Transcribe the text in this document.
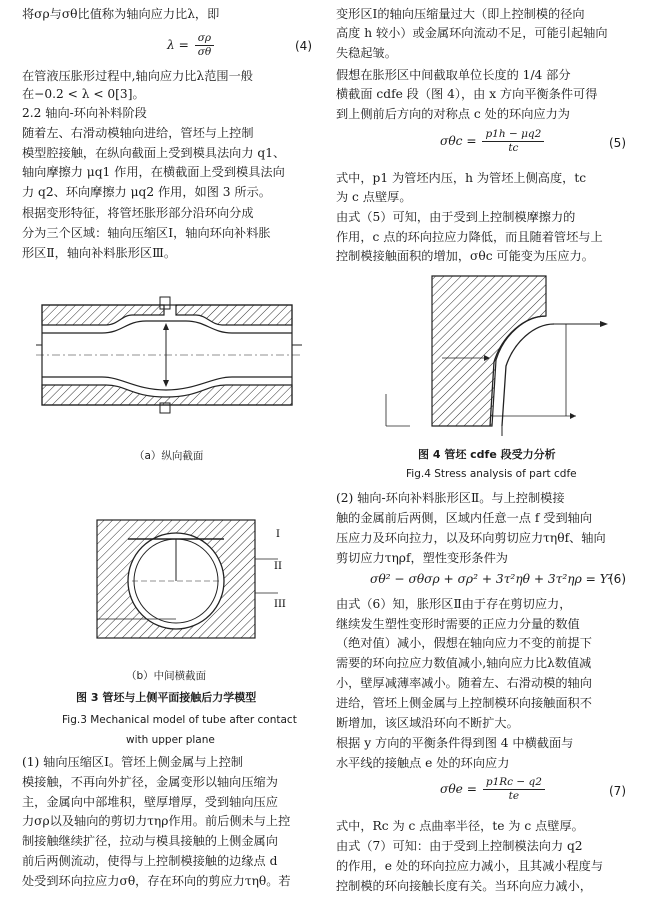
将σρ与σθ比值称为轴向应力比λ，即
$\lambda = \frac{\sigma\rho}{\sigma\theta}$	(4)
在管液压胀形过程中,轴向应力比λ范围一般
在−0.2 < λ < 0[3]。
2.2 轴向-环向补料阶段
随着左、右滑动模轴向进给，管坯与上控制
模型腔接触，在纵向截面上受到模具法向力 q1、
轴向摩擦力 μq1 作用，在横截面上受到模具法向
力 q2、环向摩擦力 μq2 作用，如图 3 所示。
根据变形特征，将管坯胀形部分沿环向分成
分为三个区域：轴向压缩区Ⅰ，轴向环向补料胀
形区Ⅱ，轴向补料胀形区Ⅲ。
（a）纵向截面
I
II
III
（b）中间横截面
图 3 管坯与上侧平面接触后力学模型
Fig.3 Mechanical model of tube after contact
with upper plane
(1) 轴向压缩区Ⅰ。管坯上侧金属与上控制
模接触，不再向外扩径，金属变形以轴向压缩为
主，金属向中部堆积，壁厚增厚，受到轴向压应
力σρ以及轴向的剪切力τηρ作用。前后侧未与上控
制接触继续扩径，拉动与模具接触的上侧金属向
前后两侧流动，使得与上控制模接触的边缘点 d
处受到环向拉应力σθ，存在环向的剪应力τηθ。若
变形区Ⅰ的轴向压缩量过大（即上控制模的径向
高度 h 较小）或金属环向流动不足，可能引起轴向
失稳起皱。
假想在胀形区中间截取单位长度的 1/4 部分
横截面 cdfe 段（图 4），由 x 方向平衡条件可得
到上侧前后方向的对称点 c 处的环向应力为
$\sigma\theta c = \frac{p1h - \mu q2}{tc}$	(5)
式中，p1 为管坯内压，h 为管坯上侧高度，tc
为 c 点壁厚。
由式（5）可知，由于受到上控制模摩擦力的
作用，c 点的环向拉应力降低，而且随着管坯与上
控制模接触面积的增加，σθc 可能变为压应力。
图 4 管坯 cdfe 段受力分析
Fig.4 Stress analysis of part cdfe
(2) 轴向-环向补料胀形区Ⅱ。与上控制模接
触的金属前后两侧，区域内任意一点 f 受到轴向
压应力及环向拉力，以及环向剪切应力τηθf、轴向
剪切应力τηρf，塑性变形条件为
σθ² − σθσρ + σρ² + 3τ²ηθ + 3τ²ηρ = Y²
(6)
由式（6）知，胀形区Ⅱ由于存在剪切应力，
继续发生塑性变形时需要的正应力分量的数值
（绝对值）减小，假想在轴向应力不变的前提下
需要的环向拉应力数值减小,轴向应力比λ数值减
小，壁厚减薄率减小。随着左、右滑动模的轴向
进给，管坯上侧金属与上控制模环向接触面积不
断增加，该区域沿环向不断扩大。
根据 y 方向的平衡条件得到图 4 中横截面与
水平线的接触点 e 处的环向应力
$\sigma\theta e = \frac{p1Rc - q2}{te}$	(7)
式中，Rc 为 c 点曲率半径，te 为 c 点壁厚。
由式（7）可知：由于受到上控制模法向力 q2
的作用，e 处的环向拉应力减小，且其减小程度与
控制模的环向接触长度有关。当环向应力减小，
